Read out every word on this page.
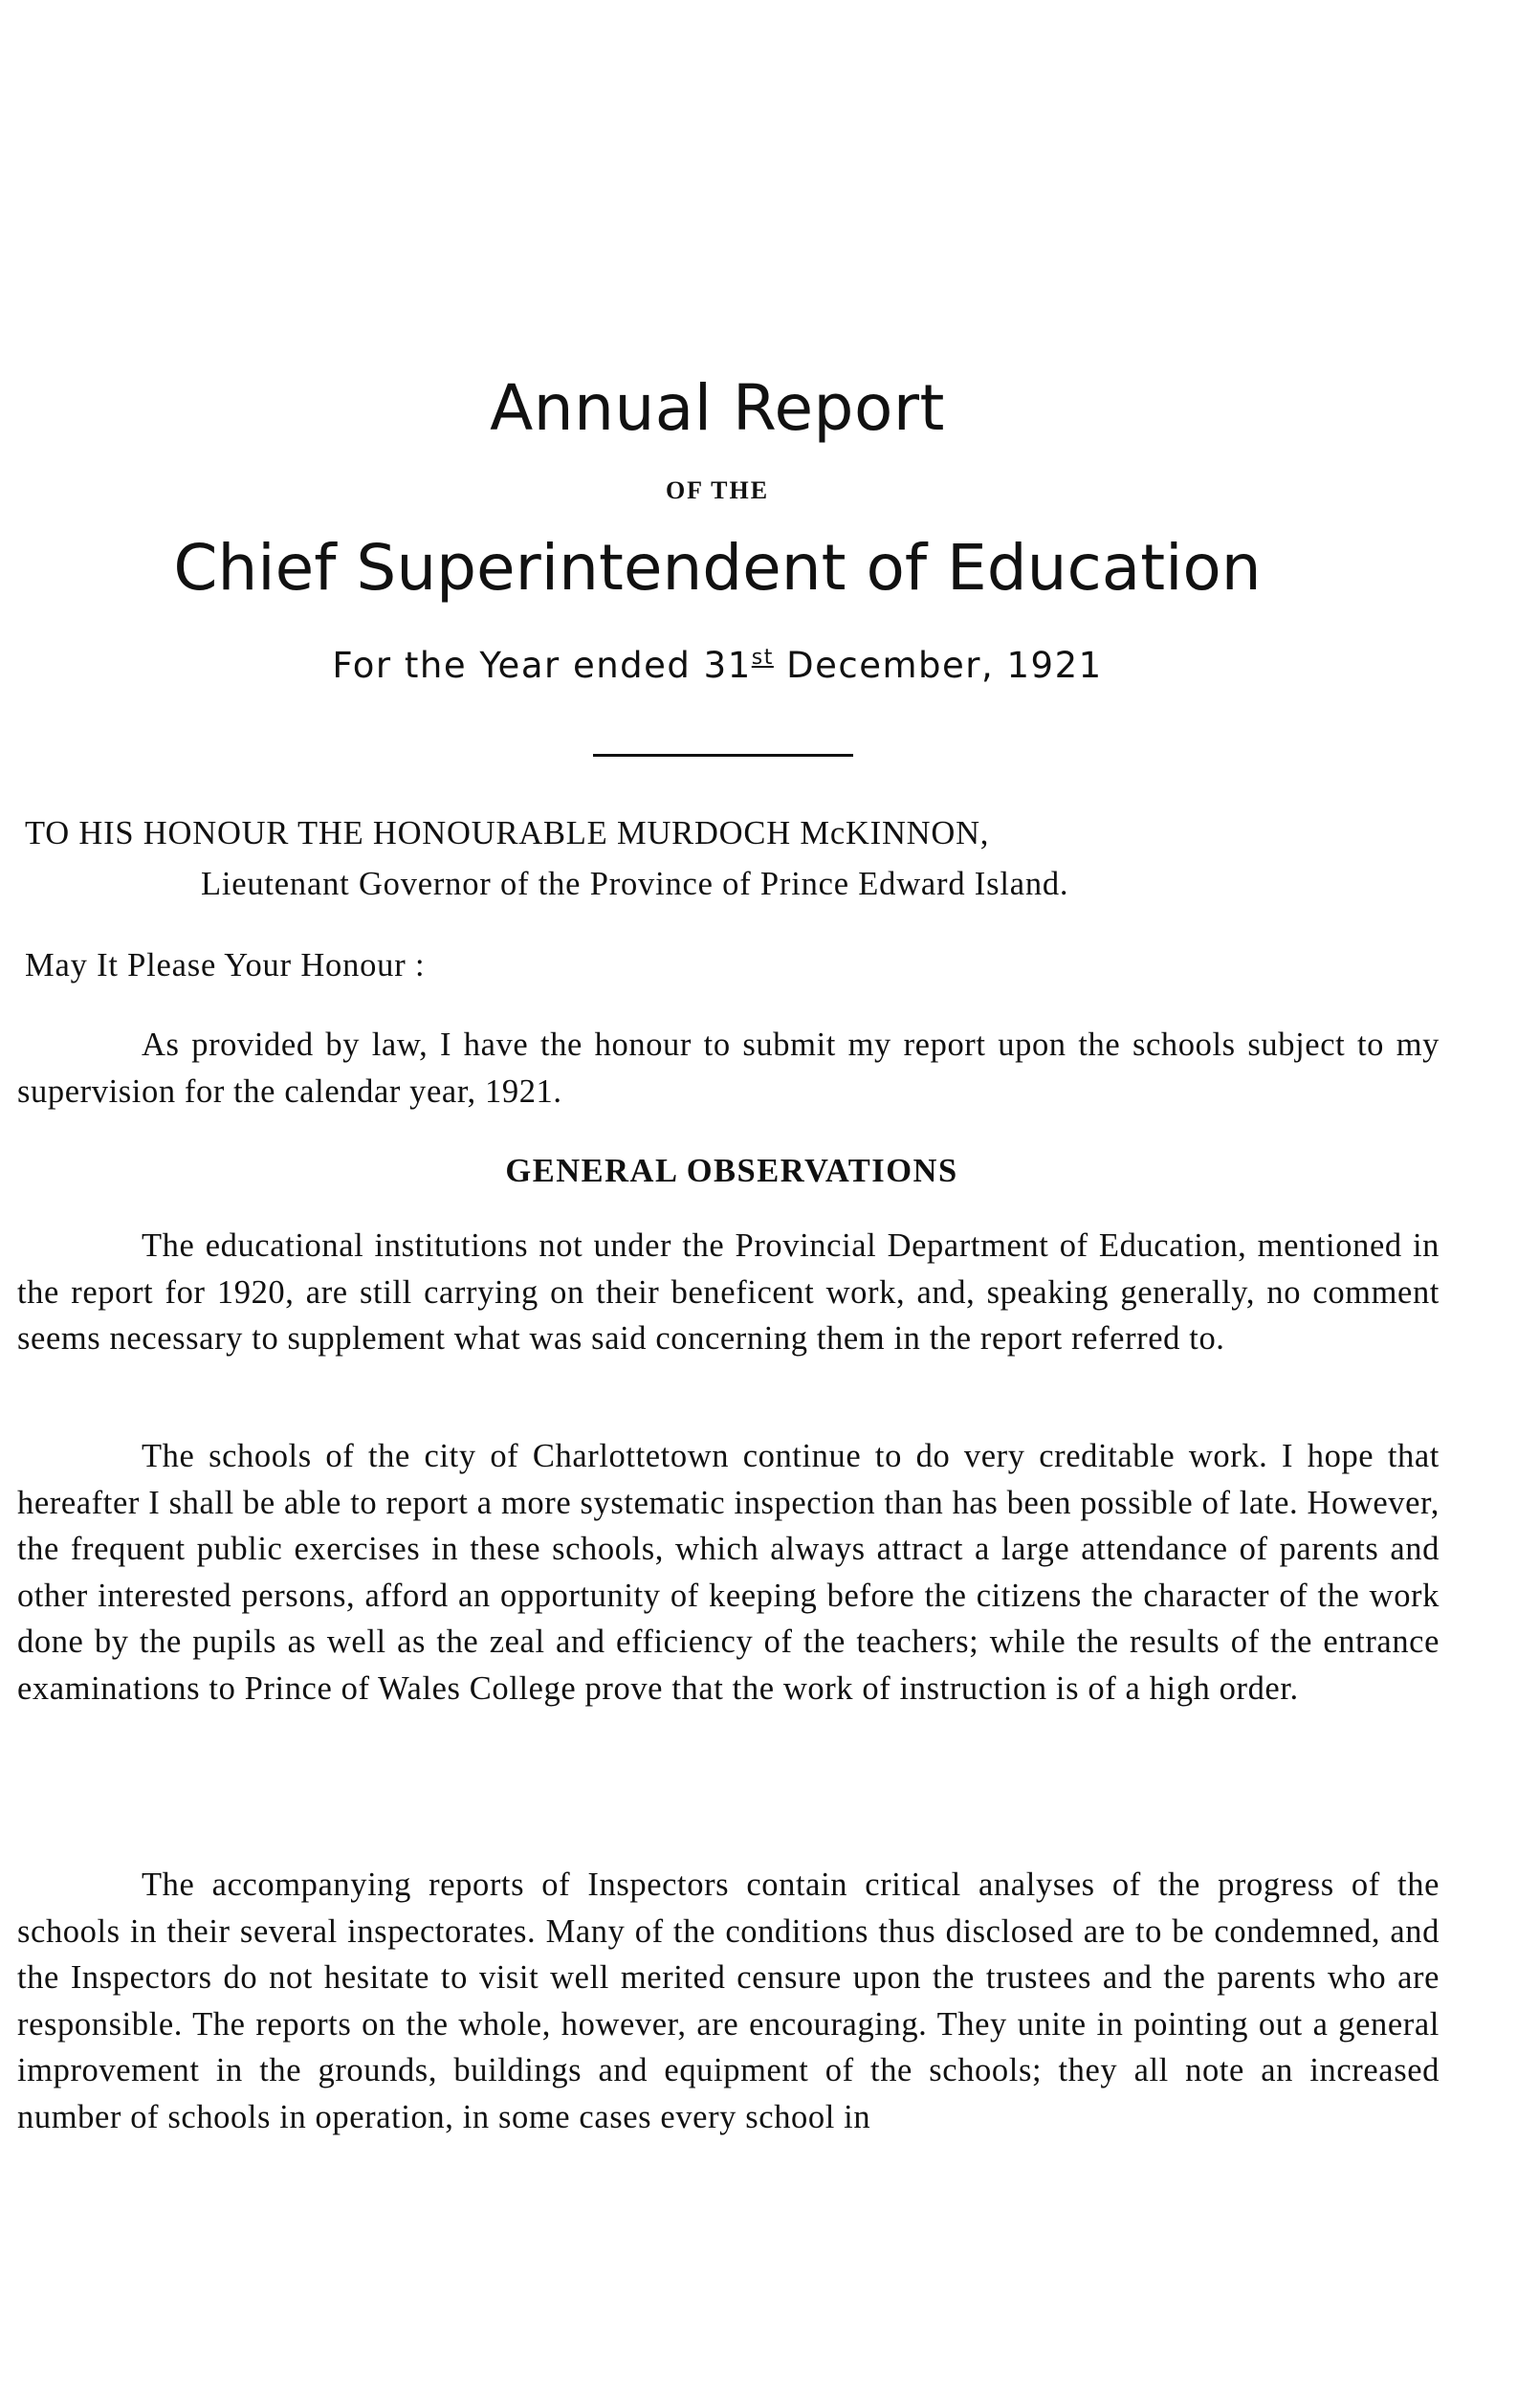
Annual Report
OF THE
Chief Superintendent of Education
For the Year ended 31st December, 1921
TO HIS HONOUR THE HONOURABLE MURDOCH McKINNON,
Lieutenant Governor of the Province of Prince Edward Island.
May It Please Your Honour :

As provided by law, I have the honour to submit my report upon the schools subject to my supervision for the calendar year, 1921.

GENERAL OBSERVATIONS

The educational institutions not under the Provincial Department of Education, mentioned in the report for 1920, are still carrying on their beneficent work, and, speaking generally, no comment seems necessary to supplement what was said concerning them in the report referred to.

The schools of the city of Charlottetown continue to do very creditable work. I hope that hereafter I shall be able to report a more systematic inspection than has been possible of late. However, the frequent public exercises in these schools, which always attract a large attendance of parents and other interested persons, afford an opportunity of keeping before the citizens the character of the work done by the pupils as well as the zeal and efficiency of the teachers; while the results of the entrance examinations to Prince of Wales College prove that the work of instruction is of a high order.

The accompanying reports of Inspectors contain critical analyses of the progress of the schools in their several inspectorates. Many of the conditions thus disclosed are to be condemned, and the Inspectors do not hesitate to visit well merited censure upon the trustees and the parents who are responsible. The reports on the whole, however, are encouraging. They unite in pointing out a general improvement in the grounds, buildings and equipment of the schools; they all note an increased number of schools in operation, in some cases every school in
